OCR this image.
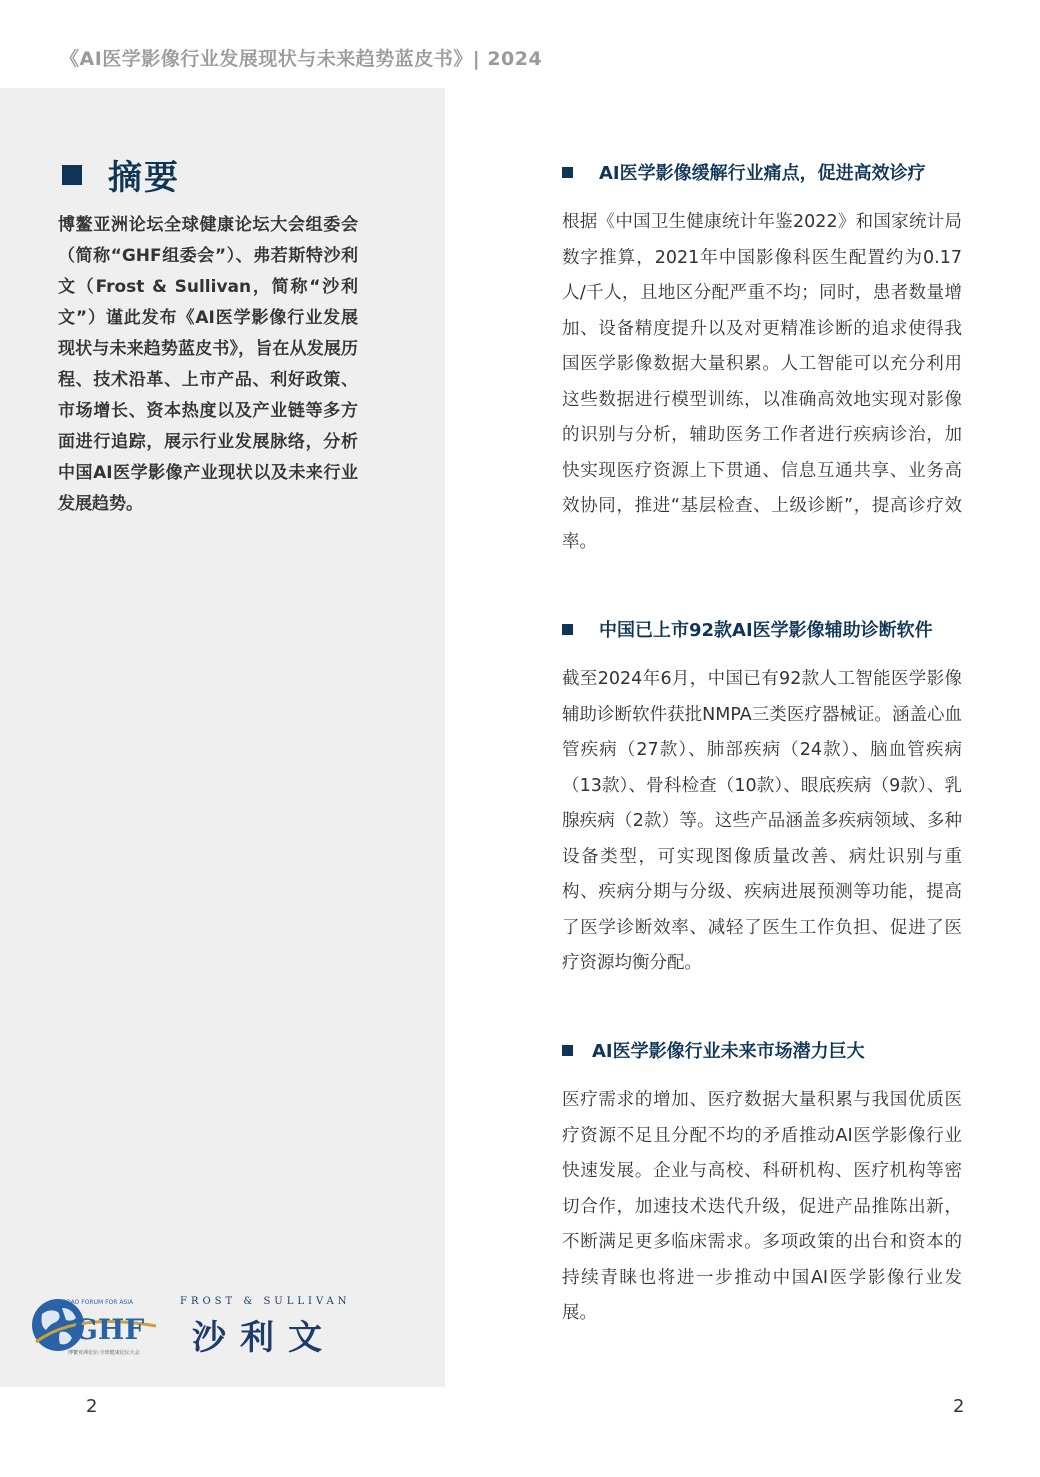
《AI医学影像行业发展现状与未来趋势蓝皮书》| 2024
摘要
博鳌亚洲论坛全球健康论坛大会组委会（简称“GHF组委会”）、弗若斯特沙利文（Frost & Sullivan，简称“沙利文”）谨此发布《AI医学影像行业发展现状与未来趋势蓝皮书》，旨在从发展历程、技术沿革、上市产品、利好政策、市场增长、资本热度以及产业链等多方面进行追踪，展示行业发展脉络，分析中国AI医学影像产业现状以及未来行业发展趋势。
GHF
BOAO FORUM FOR ASIA
博鳌亚洲论坛·全球健康论坛大会
FROST & SULLIVAN
沙利文
AI医学影像缓解行业痛点，促进高效诊疗
根据《中国卫生健康统计年鉴2022》和国家统计局数字推算，2021年中国影像科医生配置约为0.17人/千人，且地区分配严重不均；同时，患者数量增加、设备精度提升以及对更精准诊断的追求使得我国医学影像数据大量积累。人工智能可以充分利用这些数据进行模型训练，以准确高效地实现对影像的识别与分析，辅助医务工作者进行疾病诊治，加快实现医疗资源上下贯通、信息互通共享、业务高效协同，推进“基层检查、上级诊断”，提高诊疗效率。
中国已上市92款AI医学影像辅助诊断软件
截至2024年6月，中国已有92款人工智能医学影像辅助诊断软件获批NMPA三类医疗器械证。涵盖心血管疾病（27款）、肺部疾病（24款）、脑血管疾病（13款）、骨科检查（10款）、眼底疾病（9款）、乳腺疾病（2款）等。这些产品涵盖多疾病领域、多种设备类型，可实现图像质量改善、病灶识别与重构、疾病分期与分级、疾病进展预测等功能，提高了医学诊断效率、减轻了医生工作负担、促进了医疗资源均衡分配。
AI医学影像行业未来市场潜力巨大
医疗需求的增加、医疗数据大量积累与我国优质医疗资源不足且分配不均的矛盾推动AI医学影像行业快速发展。企业与高校、科研机构、医疗机构等密切合作，加速技术迭代升级，促进产品推陈出新，不断满足更多临床需求。多项政策的出台和资本的持续青睐也将进一步推动中国AI医学影像行业发展。
2	2
